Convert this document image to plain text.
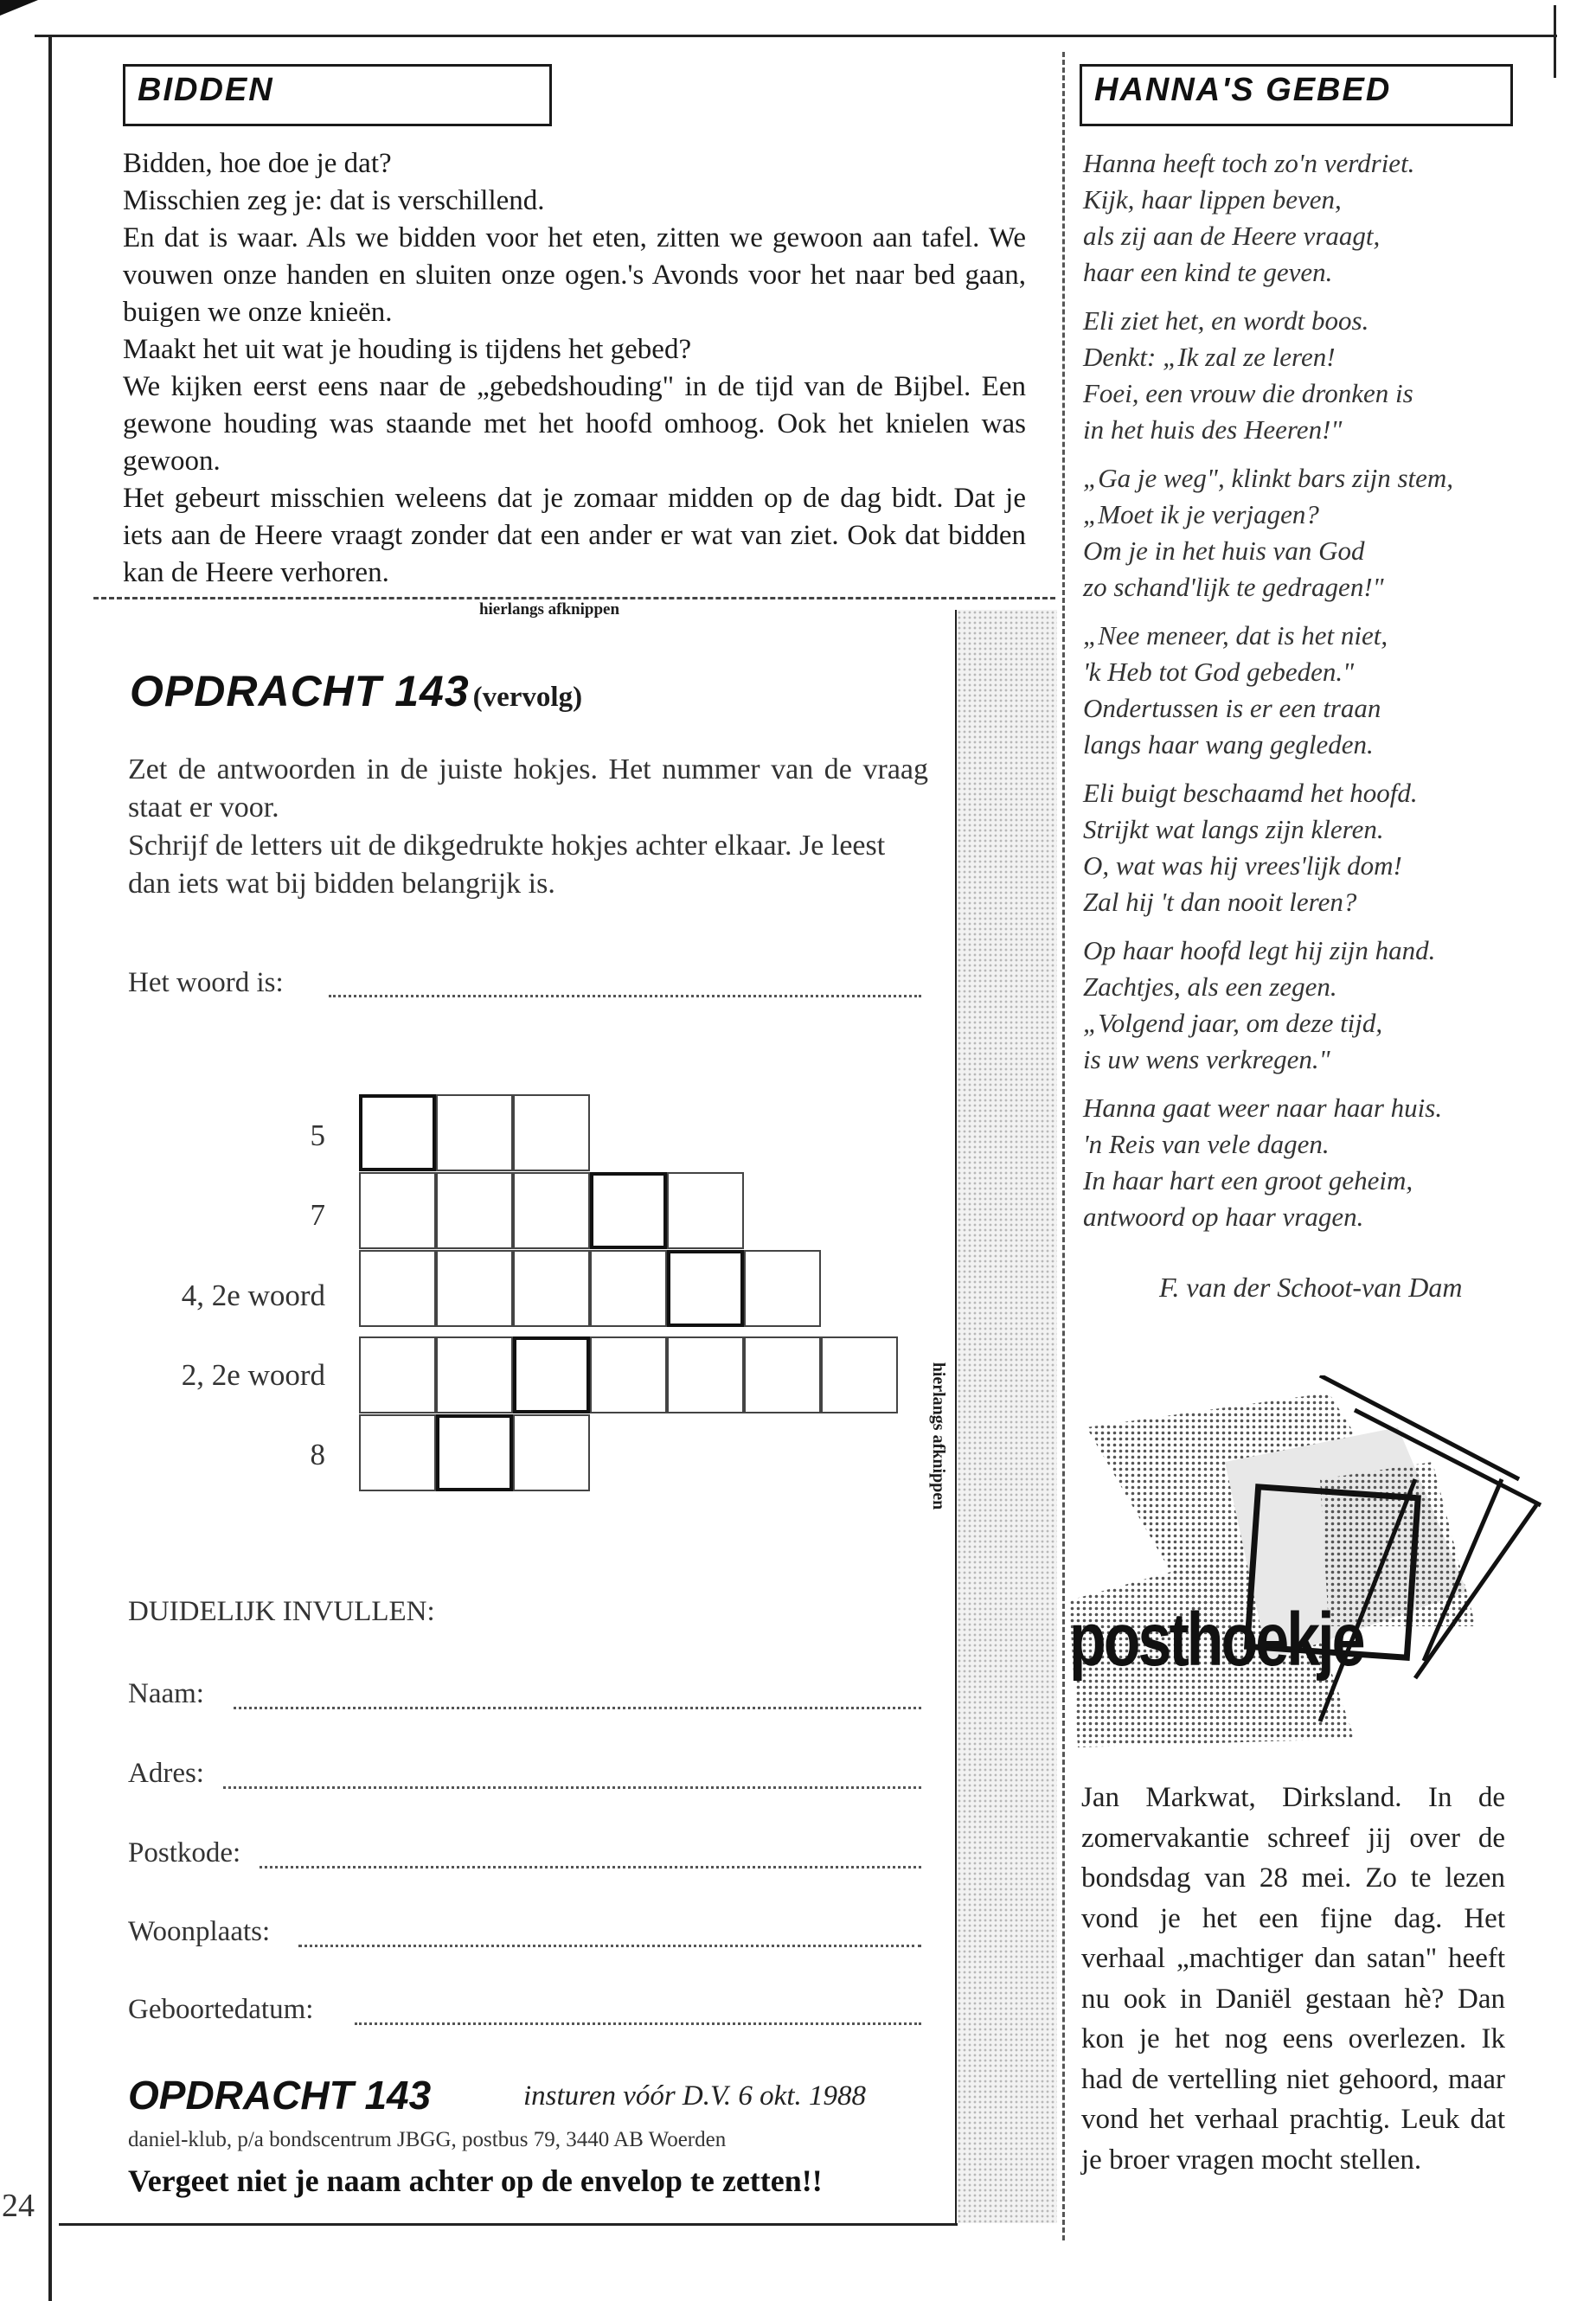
BIDDEN

Bidden, hoe doe je dat?

Misschien zeg je: dat is verschillend.

En dat is waar. Als we bidden voor het eten, zitten we gewoon aan tafel. We vouwen onze handen en sluiten onze ogen.'s Avonds voor het naar bed gaan, buigen we onze knieën.

Maakt het uit wat je houding is tijdens het gebed?

We kijken eerst eens naar de „gebedshouding" in de tijd van de Bijbel. Een gewone houding was staande met het hoofd omhoog. Ook het knielen was gewoon.

Het gebeurt misschien weleens dat je zomaar midden op de dag bidt. Dat je iets aan de Heere vraagt zonder dat een ander er wat van ziet. Ook dat bidden kan de Heere verhoren.

hierlangs afknippen
hierlangs afknippen
OPDRACHT 143 (vervolg)

Zet de antwoorden in de juiste hokjes. Het nummer van de vraag staat er voor.

Schrijf de letters uit de dikgedrukte hokjes achter elkaar. Je leest dan iets wat bij bidden belangrijk is.

Het woord is:
5
7
4, 2e woord
2, 2e woord
8
DUIDELIJK INVULLEN:
Naam:
Adres:
Postkode:
Woonplaats:
Geboortedatum:
OPDRACHT 143	insturen vóór D.V. 6 okt. 1988
daniel-klub, p/a bondscentrum JBGG, postbus 79, 3440 AB Woerden
Vergeet niet je naam achter op de envelop te zetten!!
24
HANNA'S GEBED

Hanna heeft toch zo'n verdriet.
Kijk, haar lippen beven,
als zij aan de Heere vraagt,
haar een kind te geven.

Eli ziet het, en wordt boos.
Denkt: „Ik zal ze leren!
Foei, een vrouw die dronken is
in het huis des Heeren!"

„Ga je weg", klinkt bars zijn stem,
„Moet ik je verjagen?
Om je in het huis van God
zo schand'lijk te gedragen!"

„Nee meneer, dat is het niet,
'k Heb tot God gebeden."
Ondertussen is er een traan
langs haar wang gegleden.

Eli buigt beschaamd het hoofd.
Strijkt wat langs zijn kleren.
O, wat was hij vrees'lijk dom!
Zal hij 't dan nooit leren?

Op haar hoofd legt hij zijn hand.
Zachtjes, als een zegen.
„Volgend jaar, om deze tijd,
is uw wens verkregen."

Hanna gaat weer naar haar huis.
'n Reis van vele dagen.
In haar hart een groot geheim,
antwoord op haar vragen.

F. van der Schoot-van Dam
posthoekje

Jan Markwat, Dirksland. In de zomervakantie schreef jij over de bondsdag van 28 mei. Zo te lezen vond je het een fijne dag. Het verhaal „machtiger dan satan" heeft nu ook in Daniël gestaan hè? Dan kon je het nog eens overlezen. Ik had de vertelling niet gehoord, maar vond het verhaal prachtig. Leuk dat je broer vragen mocht stellen.
